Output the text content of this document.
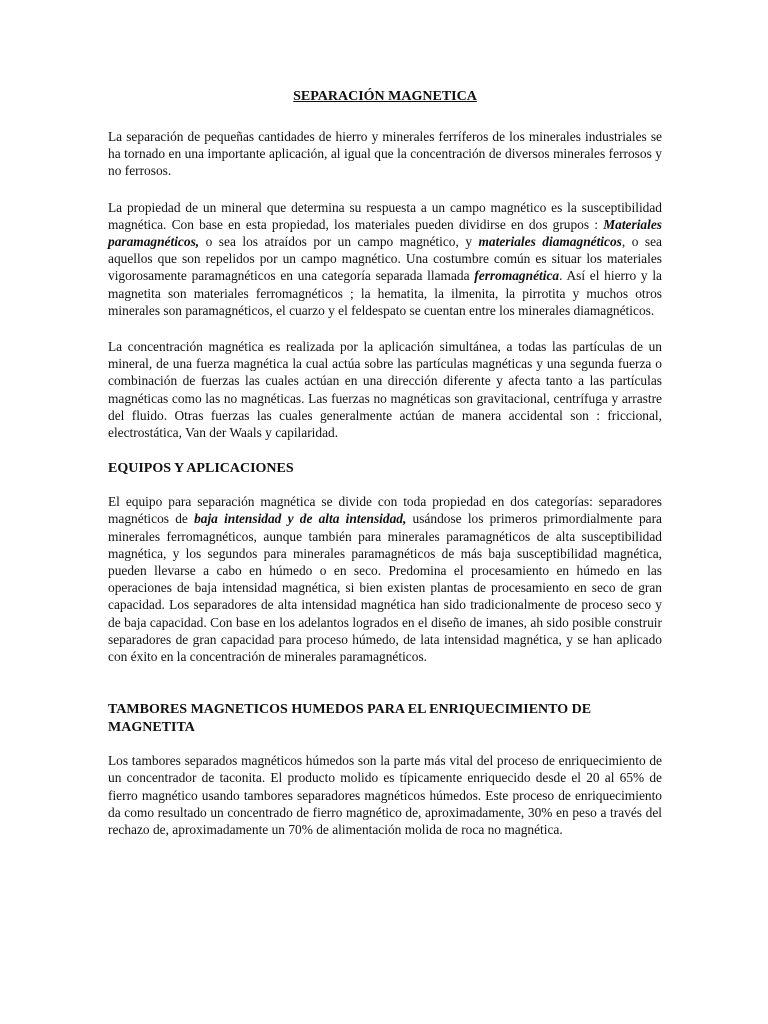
SEPARACIÓN MAGNETICA

La separación de pequeñas cantidades de hierro y minerales ferríferos de los minerales industriales se ha tornado en una importante aplicación, al igual que la concentración de diversos minerales ferrosos y no ferrosos.

La propiedad de un mineral que determina su respuesta a un campo magnético es la susceptibilidad magnética. Con base en esta propiedad, los materiales pueden dividirse en dos grupos : Materiales paramagnéticos, o sea los atraídos por un campo magnético, y materiales diamagnéticos, o sea aquellos que son repelidos por un campo magnético. Una costumbre común es situar los materiales vigorosamente paramagnéticos en una categoría separada llamada ferromagnética. Así el hierro y la magnetita son materiales ferromagnéticos ; la hematita, la ilmenita, la pirrotita y muchos otros minerales son paramagnéticos, el cuarzo y el feldespato se cuentan entre los minerales diamagnéticos.

La concentración magnética es realizada por la aplicación simultánea, a todas las partículas de un mineral, de una fuerza magnética la cual actúa sobre las partículas magnéticas y una segunda fuerza o combinación de fuerzas las cuales actúan en una dirección diferente y afecta tanto a las partículas magnéticas como las no magnéticas. Las fuerzas no magnéticas son gravitacional, centrífuga y arrastre del fluido. Otras fuerzas las cuales generalmente actúan de manera accidental son : friccional, electrostática, Van der Waals y capilaridad.

EQUIPOS Y APLICACIONES

El equipo para separación magnética se divide con toda propiedad en dos categorías: separadores magnéticos de baja intensidad y de alta intensidad, usándose los primeros primordialmente para minerales ferromagnéticos, aunque también para minerales paramagnéticos de alta susceptibilidad magnética, y los segundos para minerales paramagnéticos de más baja susceptibilidad magnética, pueden llevarse a cabo en húmedo o en seco. Predomina el procesamiento en húmedo en las operaciones de baja intensidad magnética, si bien existen plantas de procesamiento en seco de gran capacidad. Los separadores de alta intensidad magnética han sido tradicionalmente de proceso seco y de baja capacidad. Con base en los adelantos logrados en el diseño de imanes, ah sido posible construir separadores de gran capacidad para proceso húmedo, de lata intensidad magnética, y se han aplicado con éxito en la concentración de minerales paramagnéticos.

TAMBORES MAGNETICOS HUMEDOS PARA EL ENRIQUECIMIENTO DE MAGNETITA

Los tambores separados magnéticos húmedos son la parte más vital del proceso de enriquecimiento de un concentrador de taconita. El producto molido es típicamente enriquecido desde el 20 al 65% de fierro magnético usando tambores separadores magnéticos húmedos. Este proceso de enriquecimiento da como resultado un concentrado de fierro magnético de, aproximadamente, 30% en peso a través del rechazo de, aproximadamente un 70% de alimentación molida de roca no magnética.
